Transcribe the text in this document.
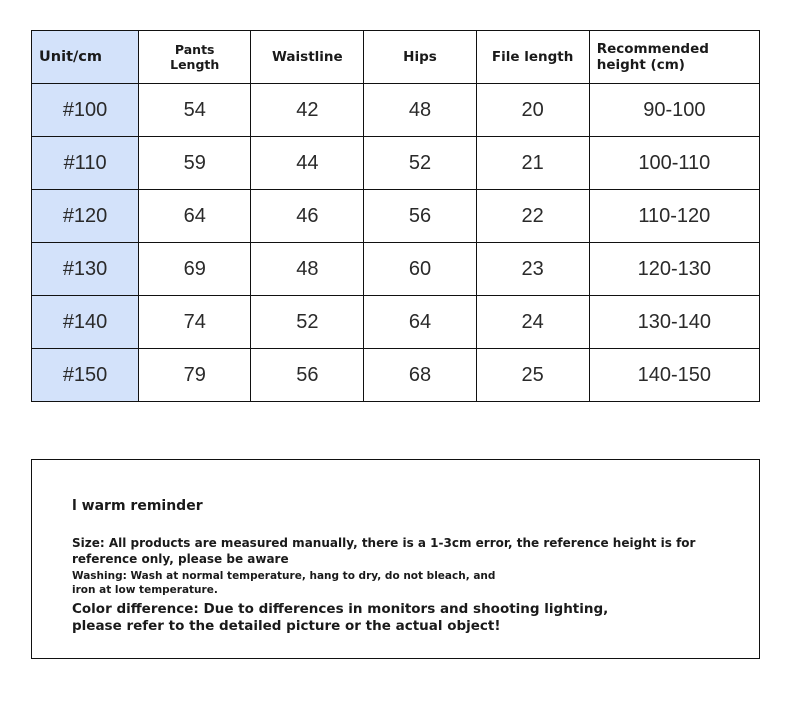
Unit/cm	Pants Length	Waistline	Hips	File length	Recommended height (cm)
#100	54	42	48	20	90-100
#110	59	44	52	21	100-110
#120	64	46	56	22	110-120
#130	69	48	60	23	120-130
#140	74	52	64	24	130-140
#150	79	56	68	25	140-150
l warm reminder
Size: All products are measured manually, there is a 1-3cm error, the reference height is for reference only, please be aware
Washing: Wash at normal temperature, hang to dry, do not bleach, and iron at low temperature.
Color difference: Due to differences in monitors and shooting lighting, please refer to the detailed picture or the actual object!
